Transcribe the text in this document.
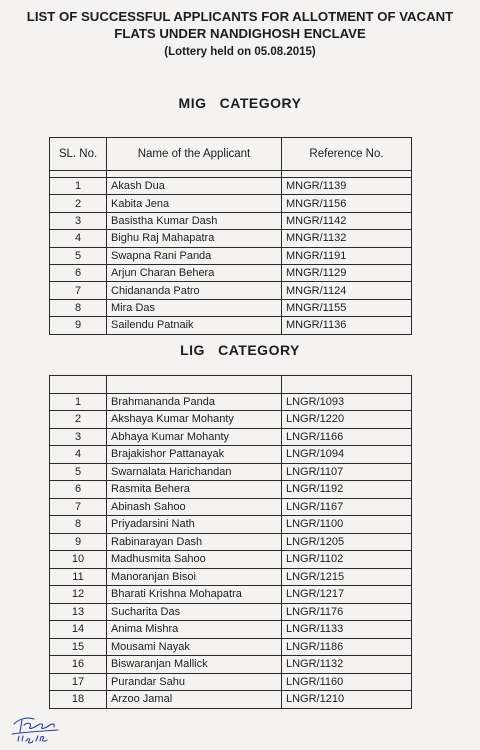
LIST OF SUCCESSFUL APPLICANTS FOR ALLOTMENT OF VACANT
FLATS UNDER NANDIGHOSH ENCLAVE
(Lottery held on 05.08.2015)
MIG   CATEGORY
SL. No.	Name of the Applicant	Reference No.

1	Akash Dua	MNGR/1139
2	Kabita Jena	MNGR/1156
3	Basistha Kumar Dash	MNGR/1142
4	Bighu Raj Mahapatra	MNGR/1132
5	Swapna Rani Panda	MNGR/1191
6	Arjun Charan Behera	MNGR/1129
7	Chidananda Patro	MNGR/1124
8	Mira Das	MNGR/1155
9	Sailendu Patnaik	MNGR/1136
LIG   CATEGORY

1	Brahmananda Panda	LNGR/1093
2	Akshaya Kumar Mohanty	LNGR/1220
3	Abhaya Kumar Mohanty	LNGR/1166
4	Brajakishor Pattanayak	LNGR/1094
5	Swarnalata Harichandan	LNGR/1107
6	Rasmita Behera	LNGR/1192
7	Abinash Sahoo	LNGR/1167
8	Priyadarsini Nath	LNGR/1100
9	Rabinarayan Dash	LNGR/1205
10	Madhusmita Sahoo	LNGR/1102
11	Manoranjan Bisoi	LNGR/1215
12	Bharati Krishna Mohapatra	LNGR/1217
13	Sucharita Das	LNGR/1176
14	Anima Mishra	LNGR/1133
15	Mousami Nayak	LNGR/1186
16	Biswaranjan Mallick	LNGR/1132
17	Purandar Sahu	LNGR/1160
18	Arzoo Jamal	LNGR/1210
